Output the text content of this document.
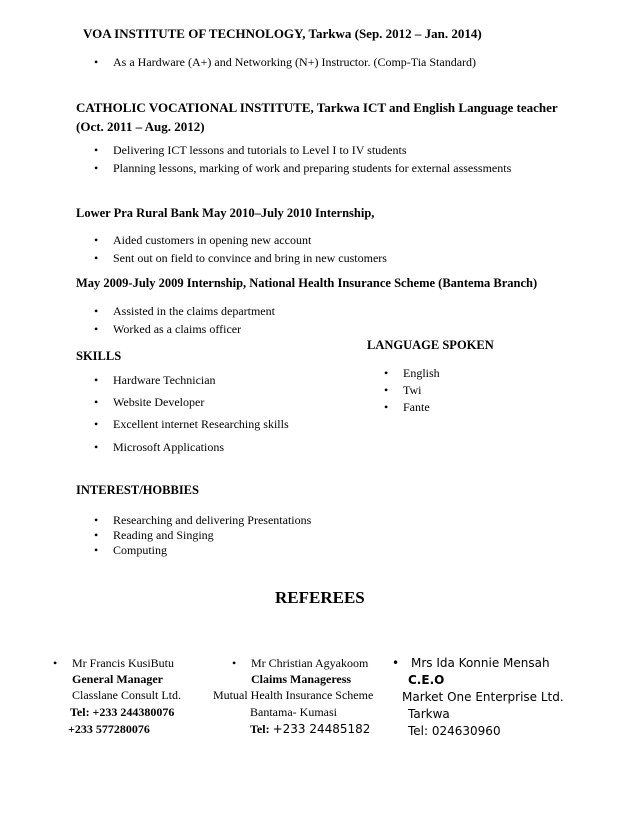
VOA INSTITUTE OF TECHNOLOGY, Tarkwa (Sep. 2012 – Jan. 2014)
• As a Hardware (A+) and Networking (N+) Instructor. (Comp-Tia Standard)
CATHOLIC VOCATIONAL INSTITUTE, Tarkwa ICT and English Language teacher
(Oct. 2011 – Aug. 2012)
• Delivering ICT lessons and tutorials to Level I to IV students
• Planning lessons, marking of work and preparing students for external assessments
Lower Pra Rural Bank May 2010–July 2010 Internship,
• Aided customers in opening new account
• Sent out on field to convince and bring in new customers
May 2009-July 2009 Internship, National Health Insurance Scheme (Bantema Branch)
• Assisted in the claims department
• Worked as a claims officer
LANGUAGE SPOKEN
• English
• Twi
• Fante
SKILLS
• Hardware Technician
• Website Developer
• Excellent internet Researching skills
• Microsoft Applications
INTEREST/HOBBIES
• Researching and delivering Presentations
• Reading and Singing
• Computing
REFEREES
• Mr Francis KusiButu
General Manager
Classlane Consult Ltd.
Tel: +233 244380076
+233 577280076
• Mr Christian Agyakoom
Claims Manageress
Mutual Health Insurance Scheme
Bantama- Kumasi
Tel: +233 24485182
• Mrs Ida Konnie Mensah
C.E.O
Market One Enterprise Ltd.
Tarkwa
Tel: 024630960
